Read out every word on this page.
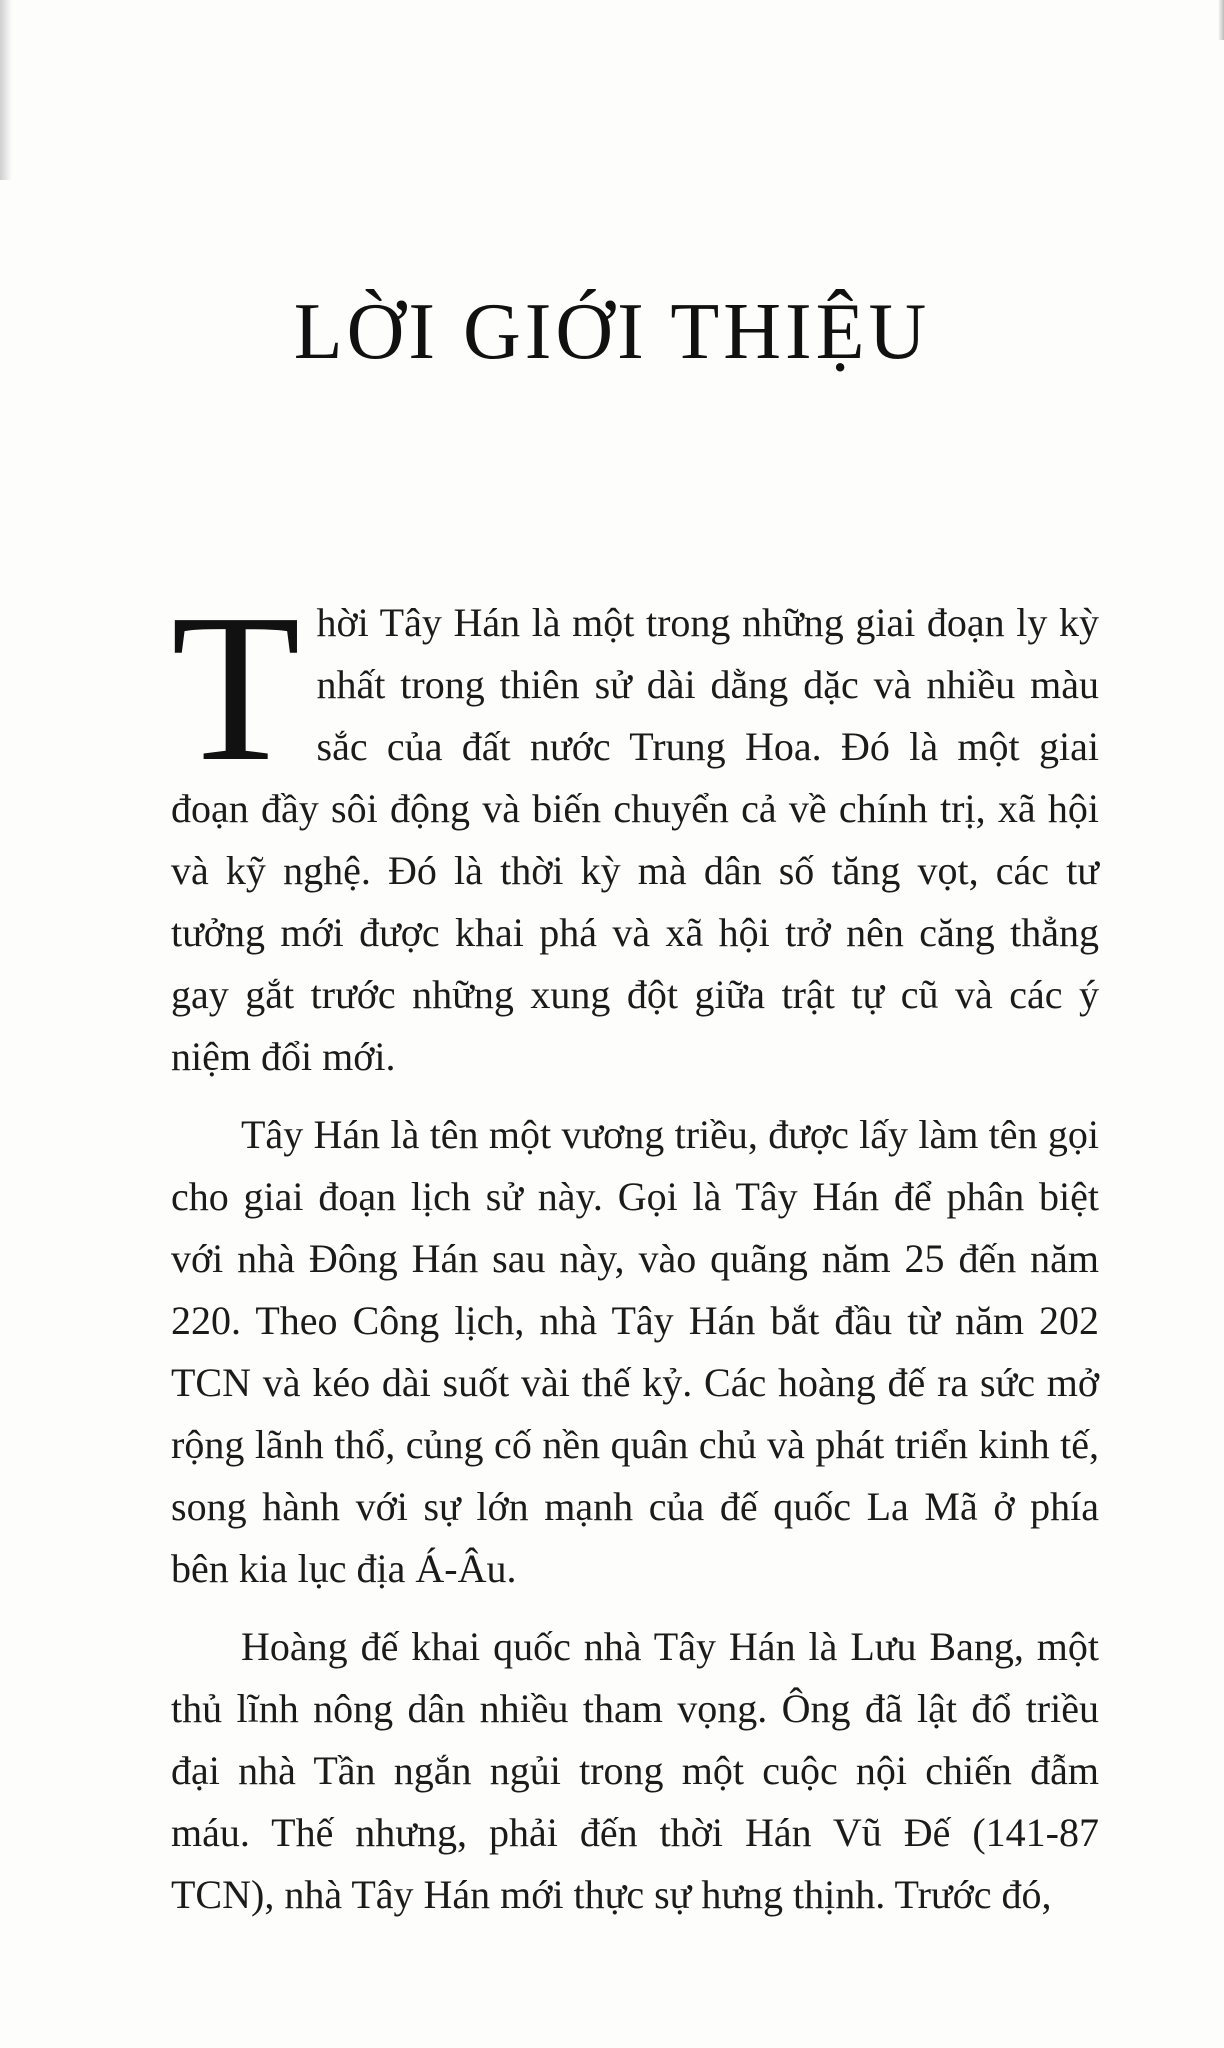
LỜI GIỚI THIỆU

Thời Tây Hán là một trong những giai đoạn ly kỳ nhất trong thiên sử dài dằng dặc và nhiều màu sắc của đất nước Trung Hoa. Đó là một giai đoạn đầy sôi động và biến chuyển cả về chính trị, xã hội và kỹ nghệ. Đó là thời kỳ mà dân số tăng vọt, các tư tưởng mới được khai phá và xã hội trở nên căng thẳng gay gắt trước những xung đột giữa trật tự cũ và các ý niệm đổi mới.

Tây Hán là tên một vương triều, được lấy làm tên gọi cho giai đoạn lịch sử này. Gọi là Tây Hán để phân biệt với nhà Đông Hán sau này, vào quãng năm 25 đến năm 220. Theo Công lịch, nhà Tây Hán bắt đầu từ năm 202 TCN và kéo dài suốt vài thế kỷ. Các hoàng đế ra sức mở rộng lãnh thổ, củng cố nền quân chủ và phát triển kinh tế, song hành với sự lớn mạnh của đế quốc La Mã ở phía bên kia lục địa Á-Âu.

Hoàng đế khai quốc nhà Tây Hán là Lưu Bang, một thủ lĩnh nông dân nhiều tham vọng. Ông đã lật đổ triều đại nhà Tần ngắn ngủi trong một cuộc nội chiến đẫm máu. Thế nhưng, phải đến thời Hán Vũ Đế (141-87 TCN), nhà Tây Hán mới thực sự hưng thịnh. Trước đó,
